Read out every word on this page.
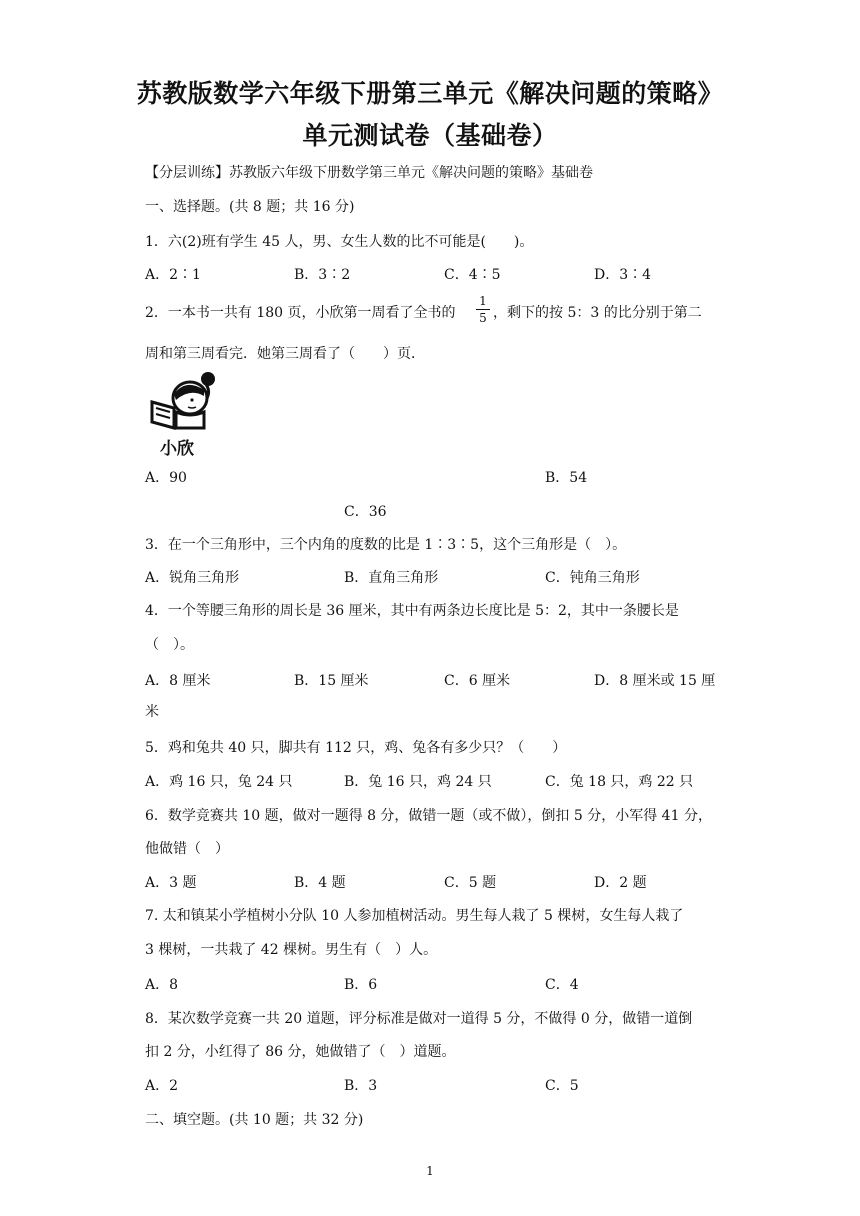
苏教版数学六年级下册第三单元《解决问题的策略》
单元测试卷（基础卷）
【分层训练】苏教版六年级下册数学第三单元《解决问题的策略》基础卷
一、选择题。(共 8 题；共 16 分)
1．六(2)班有学生 45 人，男、女生人数的比不可能是(　　)。
A．2∶1	B．3∶2	C．4∶5	D．3∶4
2．一本书一共有 180 页，小欣第一周看了全书的
1
5 ，剩下的按 5：3 的比分别于第二
周和第三周看完．她第三周看了（　　）页．
小欣
A．90	B．54
C．36
3．在一个三角形中，三个内角的度数的比是 1∶3∶5，这个三角形是（　）。
A．锐角三角形	B．直角三角形	C．钝角三角形
4．一个等腰三角形的周长是 36 厘米，其中有两条边长度比是 5：2，其中一条腰长是
（　）。
A．8 厘米	B．15 厘米	C．6 厘米	D．8 厘米或 15 厘
米
5．鸡和兔共 40 只，脚共有 112 只，鸡、兔各有多少只？（　　）
A．鸡 16 只，兔 24 只	B．兔 16 只，鸡 24 只	C．兔 18 只，鸡 22 只
6．数学竞赛共 10 题，做对一题得 8 分，做错一题（或不做），倒扣 5 分，小军得 41 分，
他做错（　）
A．3 题	B．4 题	C．5 题	D．2 题
7. 太和镇某小学植树小分队 10 人参加植树活动。男生每人栽了 5 棵树，女生每人栽了
3 棵树，一共栽了 42 棵树。男生有（　）人。
A．8	B．6	C．4
8．某次数学竞赛一共 20 道题，评分标准是做对一道得 5 分，不做得 0 分，做错一道倒
扣 2 分，小红得了 86 分，她做错了（　）道题。
A．2	B．3	C．5
二、填空题。(共 10 题；共 32 分)
1
